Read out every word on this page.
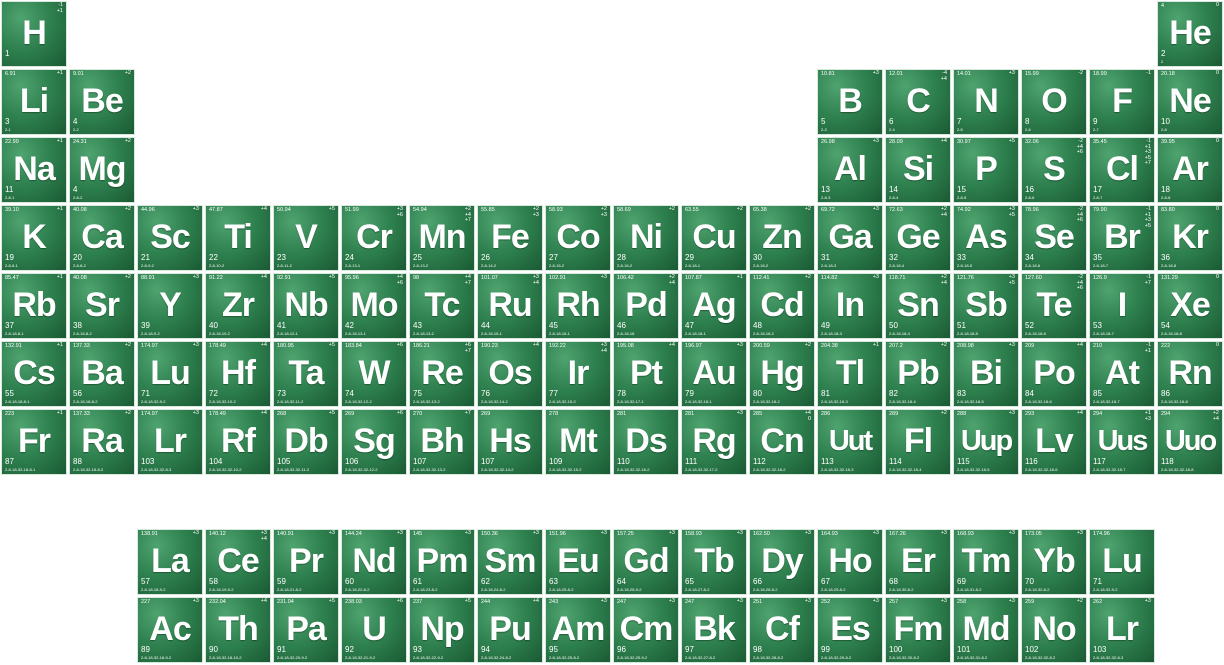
-1
+1
H
1
4	0
He
2
2
6.91	+1
Li
3
2-1
9.01	+2
Be
4
2-2
10.81	+3
B
5
2-3
12.01	-4
+4
C
6
2-4
14.01	+3
N
7
2-5
15.99	-2
O
8
2-6
18.99	-1
F
9
2-7
20.18	0
Ne
10
2-8
22.99	+1
Na
11
2-8-1
24.31	+2
Mg
4
2-8-2
26.98	+3
Al
13
2-8-3
28.09	+4
Si
14
2-8-4
30.97	+5
P
15
2-8-5
32.06	-2
+4
+6
S
16
2-8-6
35.45	-1
+1
+3
+5
+7
Cl
17
2-8-7
39.95	0
Ar
18
2-8-8
39.10	+1
K
19
2-8-8-1
40.08	+2
Ca
20
2-8-8-2
44.96	+3
Sc
21
2-8-9-2
47.87	+4
Ti
22
2-8-10-2
50.94	+5
V
23
2-8-11-2
51.99	+3
+6
Cr
24
2-8-13-1
54.94	+2
+4
+7
Mn
25
2-8-13-2
55.85	+2
+3
Fe
26
2-8-14-2
58.93	+2
+3
Co
27
2-8-15-2
58.69	+2
Ni
28
2-8-16-2
63.55	+2
Cu
29
2-8-18-1
65.38	+2
Zn
30
2-8-18-2
69.72	+3
Ga
31
2-8-18-3
72.63	+2
+4
Ge
32
2-8-18-4
74.92	+3
+5
As
33
2-8-18-5
78.96	-2
+4
+6
Se
34
2-8-18-6
79.90	-1
+1
+3
+5
Br
35
2-8-18-7
83.80	0
Kr
36
2-8-18-8
85.47	+1
Rb
37
2-8-18-8-1
40.08	+2
Sr
38
2-8-18-8-2
88.91	+3
Y
39
2-8-18-9-2
91.22	+4
Zr
40
2-8-18-10-2
92.91	+5
Nb
41
2-8-18-12-1
95.96	+4
+6
Mo
42
2-8-18-13-1
98	+4
+7
Tc
43
2-8-18-13-2
101.07	+3
+4
Ru
44
2-8-18-15-1
102.91	+3
Rh
45
2-8-18-16-1
106.42	+2
+4
Pd
46
2-8-18-18
107.87	+1
Ag
47
2-8-18-18-1
112.41	+2
Cd
48
2-8-18-18-2
114.82	+3
In
49
2-8-18-18-3
118.71	+2
+4
Sn
50
2-8-18-18-4
121.76	+3
+5
Sb
51
2-8-18-18-5
127.60	-2
+4
+6
Te
52
2-8-18-18-6
126.9	-1
+7
I
53
2-8-18-18-7
131.29	0
Xe
54
2-8-18-18-8
132.91	+1
Cs
55
2-8-18-18-8-1
137.33	+2
Ba
56
2-8-18-18-8-2
174.97	+3
Lu
71
2-8-18-32-9-2
178.49	+4
Hf
72
2-8-18-32-10-2
180.95	+5
Ta
73
2-8-18-32-11-2
183.84	+6
W
74
2-8-18-32-12-2
186.21	+6
+7
Re
75
2-8-18-32-13-2
190.23	+4
Os
76
2-8-18-32-14-2
192.22	+3
+4
Ir
77
2-8-18-32-15-2
195.08	+4
Pt
78
2-8-18-32-17-1
196.97	+3
Au
79
2-8-18-32-18-1
200.59	+2
Hg
80
2-8-18-32-18-2
204.38	+1
Tl
81
2-8-18-32-18-3
207.2	+2
Pb
82
2-8-18-32-18-4
208.98	+3
Bi
83
2-8-18-32-18-5
209	+4
Po
84
2-8-18-32-18-6
210	-1
+1
At
85
2-8-18-32-18-7
222	0
Rn
86
2-8-18-32-18-8
223	+1
Fr
87
2-8-18-32-18-8-1
137.33	+2
Ra
88
2-8-18-32-18-8-2
174.97	+3
Lr
103
2-8-18-32-32-8-3
178.49	+4
Rf
104
2-8-18-32-32-10-2
268	+5
Db
105
2-8-18-32-32-11-2
269	+6
Sg
106
2-8-18-32-32-12-2
270	+7
Bh
107
2-8-18-32-32-13-2
269
Hs
107
2-8-18-32-32-14-2
278
Mt
109
2-8-18-32-32-15-2
281
Ds
110
2-8-18-32-32-16-2
281	+3
Rg
111
2-8-18-32-32-17-2
285	+4
0
Cn
112
2-8-18-32-32-18-2
286
Uut
113
2-8-18-32-32-18-3
289	+2
Fl
114
2-8-18-32-32-18-4
288	+3
Uup
115
2-8-18-32-32-18-5
293	+4
Lv
116
2-8-18-32-32-18-6
294	+1
+3
Uus
117
2-8-18-32-32-18-7
294	+2
+4
Uuo
118
2-8-18-32-32-18-8
138.91	+3
La
57
2-8-18-18-9-2
140.12	+3
+4
Ce
58
2-8-18-19-9-2
140.91	+3
Pr
59
2-8-18-21-8-2
144.24	+3
Nd
60
2-8-18-22-8-2
145	+3
Pm
61
2-8-18-23-8-2
150.36	+3
Sm
62
2-8-18-24-8-2
151.96	+3
Eu
63
2-8-18-25-8-2
157.25	+3
Gd
64
2-8-18-25-9-2
158.93	+3
Tb
65
2-8-18-27-8-2
162.50	+3
Dy
66
2-8-18-28-8-2
164.93	+3
Ho
67
2-8-18-29-8-2
167.26	+3
Er
68
2-8-18-30-8-2
168.93	+3
Tm
69
2-8-18-31-8-2
173.05	+3
Yb
70
2-8-18-32-8-2
174.96
Lu
71
2-8-18-32-9-2
227	+3
Ac
89
2-8-18-32-18-9-2
232.04	+4
Th
90
2-8-18-32-18-10-2
231.04	+5
Pa
91
2-8-18-32-20-9-2
238.03	+6
U
92
2-8-18-32-21-9-2
237	+5
Np
93
2-8-18-32-22-9-2
244	+4
Pu
94
2-8-18-32-24-8-2
243	+3
Am
95
2-8-18-32-25-8-2
247	+3
Cm
96
2-8-18-32-25-9-2
247	+3
Bk
97
2-8-18-32-27-8-2
251	+3
Cf
98
2-8-18-32-28-8-2
252	+3
Es
99
2-8-18-32-29-8-2
257	+3
Fm
100
2-8-18-32-30-8-2
258	+3
Md
101
2-8-18-32-31-8-2
259	+2
No
102
2-8-18-32-32-8-2
262	+3
Lr
103
2-8-18-32-32-8-3
